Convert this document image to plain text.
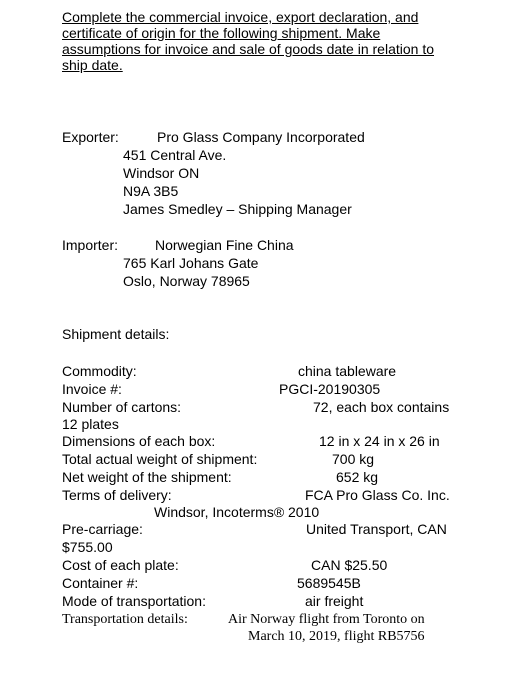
Complete the commercial invoice, export declaration, and
certificate of origin for the following shipment. Make
assumptions for invoice and sale of goods date in relation to
ship date.
Exporter:	Pro Glass Company Incorporated
451 Central Ave.
Windsor ON
N9A 3B5
James Smedley – Shipping Manager
Importer:	Norwegian Fine China
765 Karl Johans Gate
Oslo, Norway 78965
Shipment details:
Commodity:	china tableware
Invoice #:	PGCI-20190305
Number of cartons:	72, each box contains
12 plates
Dimensions of each box:	12 in x 24 in x 26 in
Total actual weight of shipment:	700 kg
Net weight of the shipment:	652 kg
Terms of delivery:	FCA Pro Glass Co. Inc.
Windsor, Incoterms® 2010
Pre-carriage:	United Transport, CAN
$755.00
Cost of each plate:	CAN $25.50
Container #:	5689545B
Mode of transportation:	air freight
Transportation details:	Air Norway flight from Toronto on
March 10, 2019, flight RB5756
